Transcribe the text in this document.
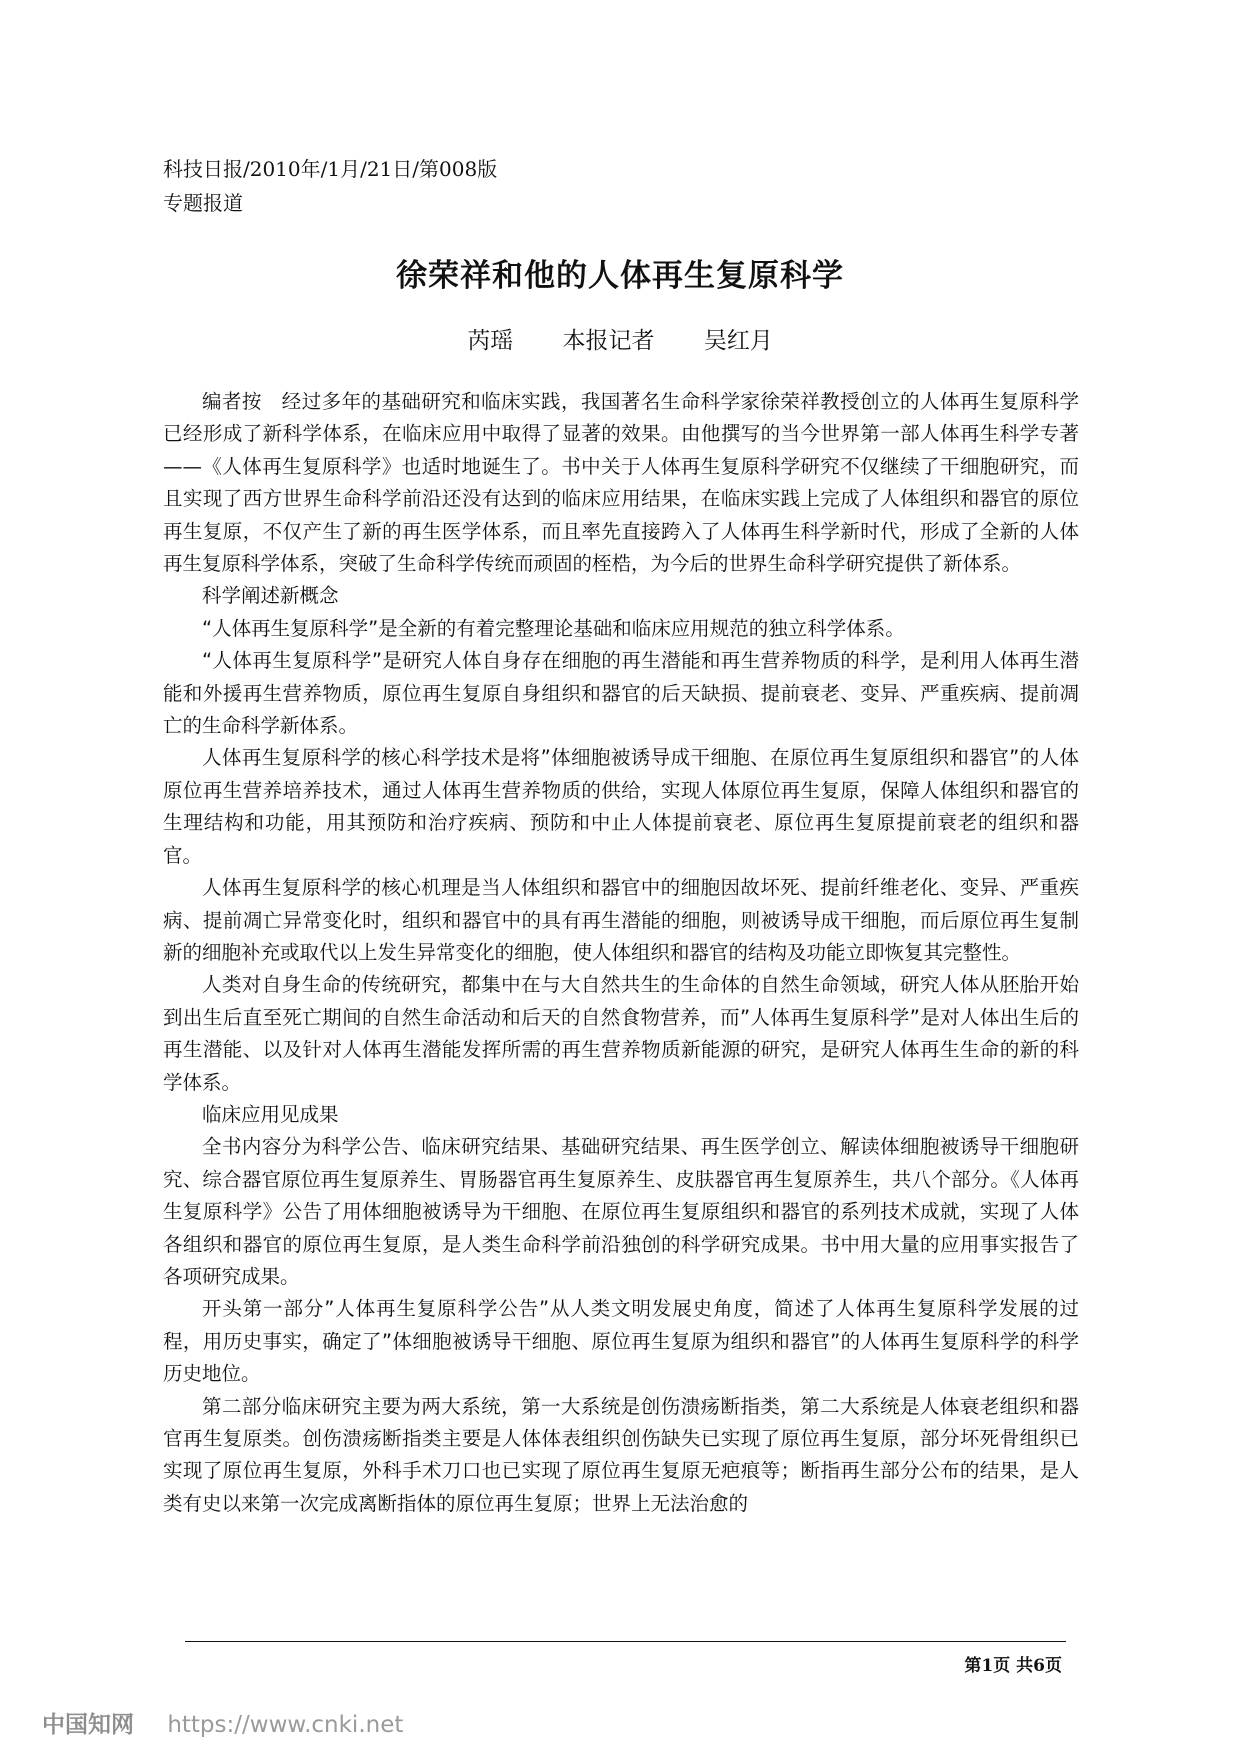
科技日报/2010年/1月/21日/第008版
专题报道
徐荣祥和他的人体再生复原科学
芮瑶 本报记者 吴红月

编者按　经过多年的基础研究和临床实践，我国著名生命科学家徐荣祥教授创立的人体再生复原科学已经形成了新科学体系，在临床应用中取得了显著的效果。由他撰写的当今世界第一部人体再生科学专著——《人体再生复原科学》也适时地诞生了。书中关于人体再生复原科学研究不仅继续了干细胞研究，而且实现了西方世界生命科学前沿还没有达到的临床应用结果，在临床实践上完成了人体组织和器官的原位再生复原，不仅产生了新的再生医学体系，而且率先直接跨入了人体再生科学新时代，形成了全新的人体再生复原科学体系，突破了生命科学传统而顽固的桎梏，为今后的世界生命科学研究提供了新体系。

科学阐述新概念

“人体再生复原科学”是全新的有着完整理论基础和临床应用规范的独立科学体系。

“人体再生复原科学”是研究人体自身存在细胞的再生潜能和再生营养物质的科学，是利用人体再生潜能和外援再生营养物质，原位再生复原自身组织和器官的后天缺损、提前衰老、变异、严重疾病、提前凋亡的生命科学新体系。

人体再生复原科学的核心科学技术是将”体细胞被诱导成干细胞、在原位再生复原组织和器官”的人体原位再生营养培养技术，通过人体再生营养物质的供给，实现人体原位再生复原，保障人体组织和器官的生理结构和功能，用其预防和治疗疾病、预防和中止人体提前衰老、原位再生复原提前衰老的组织和器官。

人体再生复原科学的核心机理是当人体组织和器官中的细胞因故坏死、提前纤维老化、变异、严重疾病、提前凋亡异常变化时，组织和器官中的具有再生潜能的细胞，则被诱导成干细胞，而后原位再生复制新的细胞补充或取代以上发生异常变化的细胞，使人体组织和器官的结构及功能立即恢复其完整性。

人类对自身生命的传统研究，都集中在与大自然共生的生命体的自然生命领域，研究人体从胚胎开始到出生后直至死亡期间的自然生命活动和后天的自然食物营养，而”人体再生复原科学”是对人体出生后的再生潜能、以及针对人体再生潜能发挥所需的再生营养物质新能源的研究，是研究人体再生生命的新的科学体系。

临床应用见成果

全书内容分为科学公告、临床研究结果、基础研究结果、再生医学创立、解读体细胞被诱导干细胞研究、综合器官原位再生复原养生、胃肠器官再生复原养生、皮肤器官再生复原养生，共八个部分。《人体再生复原科学》公告了用体细胞被诱导为干细胞、在原位再生复原组织和器官的系列技术成就，实现了人体各组织和器官的原位再生复原，是人类生命科学前沿独创的科学研究成果。书中用大量的应用事实报告了各项研究成果。

开头第一部分”人体再生复原科学公告”从人类文明发展史角度，简述了人体再生复原科学发展的过程，用历史事实，确定了”体细胞被诱导干细胞、原位再生复原为组织和器官”的人体再生复原科学的科学历史地位。

第二部分临床研究主要为两大系统，第一大系统是创伤溃疡断指类，第二大系统是人体衰老组织和器官再生复原类。创伤溃疡断指类主要是人体体表组织创伤缺失已实现了原位再生复原，部分坏死骨组织已实现了原位再生复原，外科手术刀口也已实现了原位再生复原无疤痕等；断指再生部分公布的结果，是人类有史以来第一次完成离断指体的原位再生复原；世界上无法治愈的

第1页 共6页
中国知网 https://www.cnki.net
